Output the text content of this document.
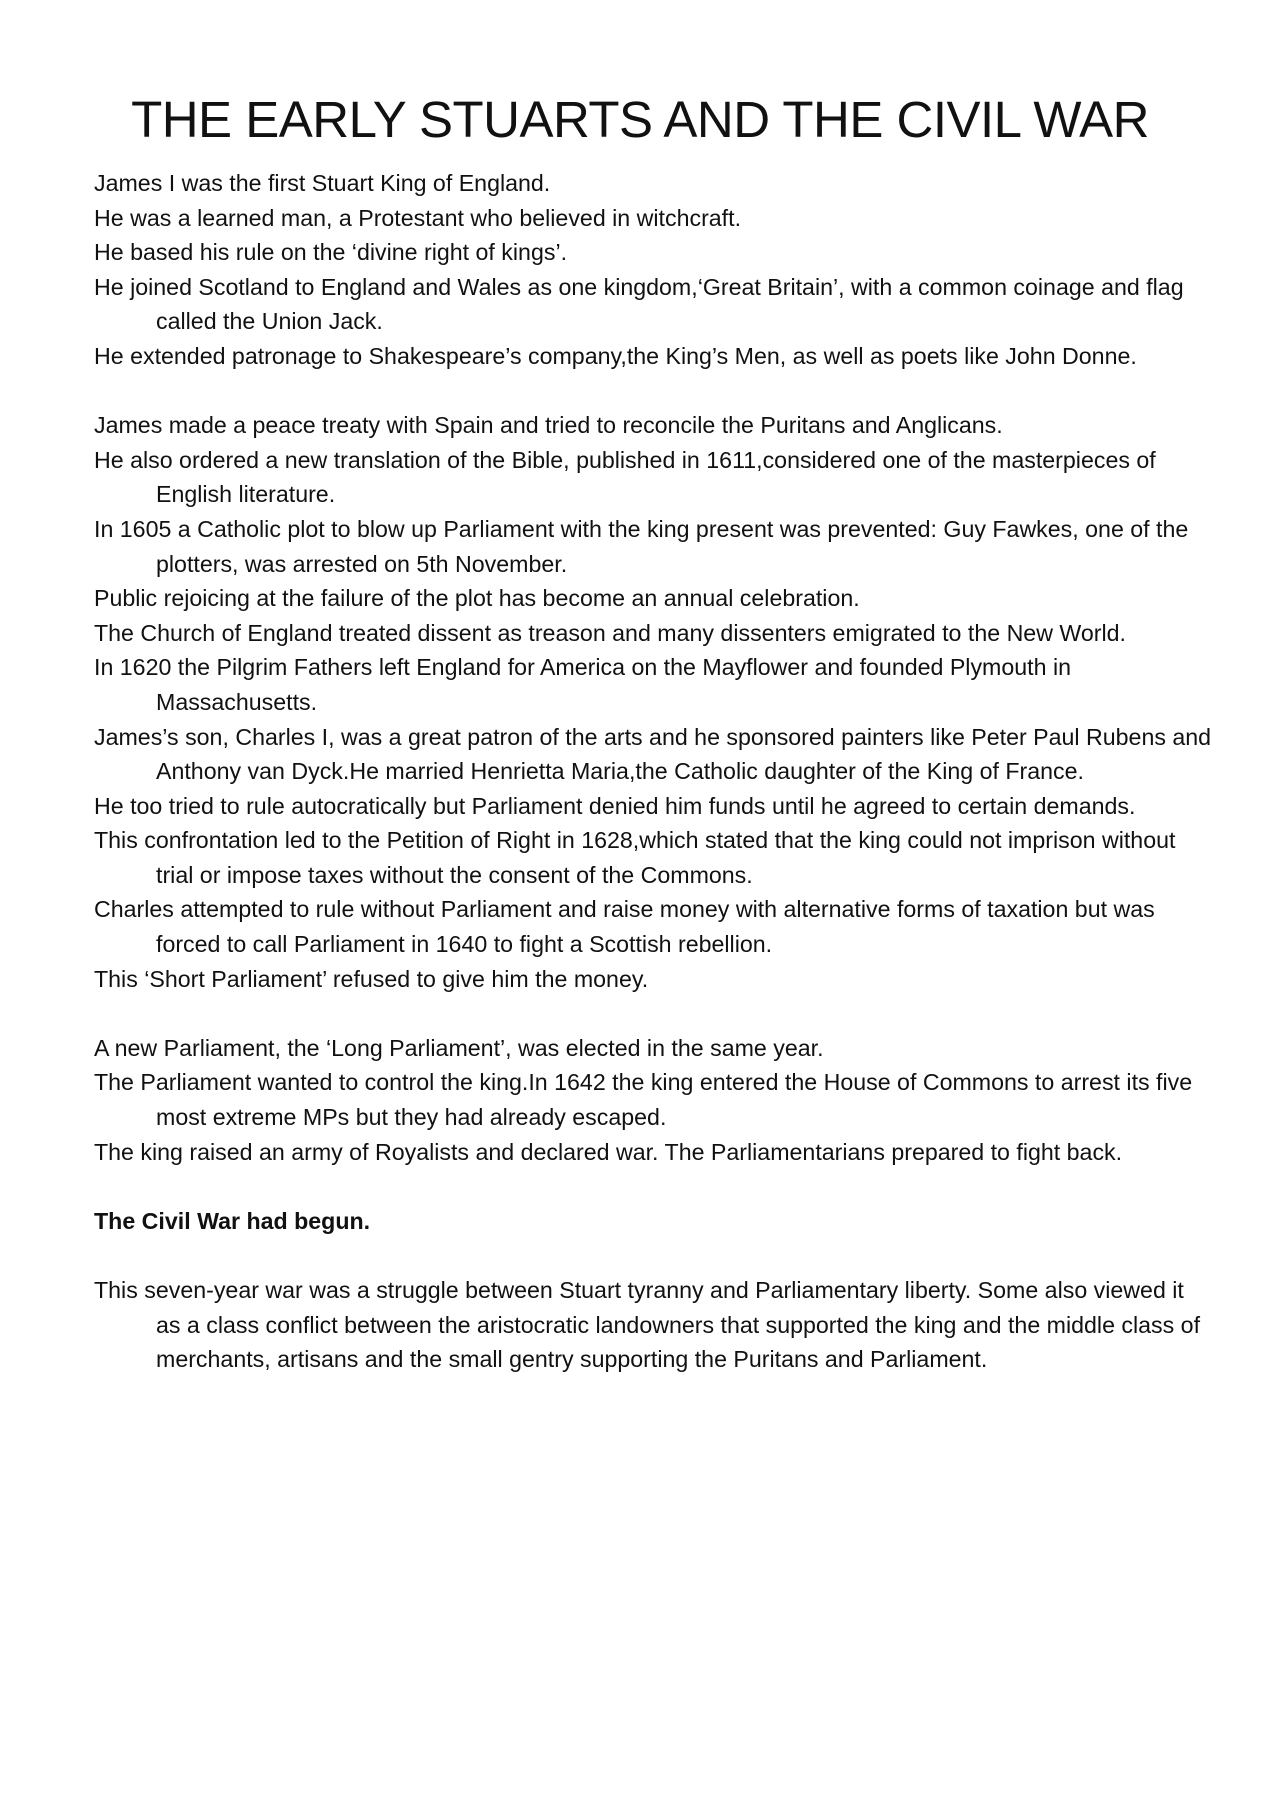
THE EARLY STUARTS AND THE CIVIL WAR

James I was the first Stuart King of England.

He was a learned man, a Protestant who believed in witchcraft.

He based his rule on the ‘divine right of kings’.

He joined Scotland to England and Wales as one kingdom,‘Great Britain’, with a common coinage and flag called the Union Jack.

He extended patronage to Shakespeare’s company,the King’s Men, as well as poets like John Donne.

James made a peace treaty with Spain and tried to reconcile the Puritans and Anglicans.

He also ordered a new translation of the Bible, published in 1611,considered one of the masterpieces of English literature.

In 1605 a Catholic plot to blow up Parliament with the king present was prevented: Guy Fawkes, one of the plotters, was arrested on 5th November.

Public rejoicing at the failure of the plot has become an annual celebration.

The Church of England treated dissent as treason and many dissenters emigrated to the New World.

In 1620 the Pilgrim Fathers left England for America on the Mayflower and founded Plymouth in Massachusetts.

James’s son, Charles I, was a great patron of the arts and he sponsored painters like Peter Paul Rubens and Anthony van Dyck.He married Henrietta Maria,the Catholic daughter of the King of France.

He too tried to rule autocratically but Parliament denied him funds until he agreed to certain demands.

This confrontation led to the Petition of Right in 1628,which stated that the king could not imprison without trial or impose taxes without the consent of the Commons.

Charles attempted to rule without Parliament and raise money with alternative forms of taxation but was forced to call Parliament in 1640 to fight a Scottish rebellion.

This ‘Short Parliament’ refused to give him the money.

A new Parliament, the ‘Long Parliament’, was elected in the same year.

The Parliament wanted to control the king.In 1642 the king entered the House of Commons to arrest its five most extreme MPs but they had already escaped.

The king raised an army of Royalists and declared war. The Parliamentarians prepared to fight back.

The Civil War had begun.

This seven-year war was a struggle between Stuart tyranny and Parliamentary liberty. Some also viewed it as a class conflict between the aristocratic landowners that supported the king and the middle class of merchants, artisans and the small gentry supporting the Puritans and Parliament.
